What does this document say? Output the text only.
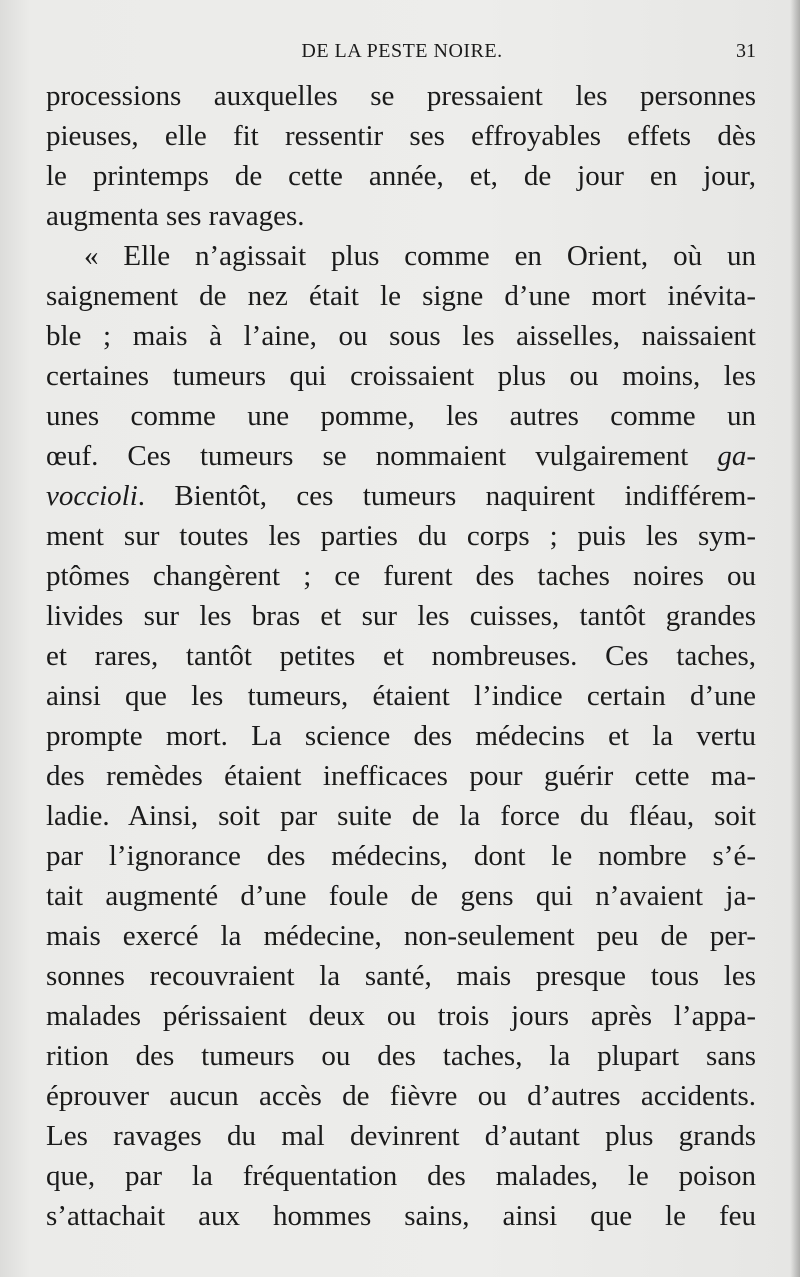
DE LA PESTE NOIRE.	31
processions auxquelles se pressaient les personnes
pieuses, elle fit ressentir ses effroyables effets dès
le printemps de cette année, et, de jour en jour,
augmenta ses ravages.
« Elle n’agissait plus comme en Orient, où un
saignement de nez était le signe d’une mort inévita-
ble ; mais à l’aine, ou sous les aisselles, naissaient
certaines tumeurs qui croissaient plus ou moins, les
unes comme une pomme, les autres comme un
œuf. Ces tumeurs se nommaient vulgairement ga-
voccioli. Bientôt, ces tumeurs naquirent indifférem-
ment sur toutes les parties du corps ; puis les sym-
ptômes changèrent ; ce furent des taches noires ou
livides sur les bras et sur les cuisses, tantôt grandes
et rares, tantôt petites et nombreuses. Ces taches,
ainsi que les tumeurs, étaient l’indice certain d’une
prompte mort. La science des médecins et la vertu
des remèdes étaient inefficaces pour guérir cette ma-
ladie. Ainsi, soit par suite de la force du fléau, soit
par l’ignorance des médecins, dont le nombre s’é-
tait augmenté d’une foule de gens qui n’avaient ja-
mais exercé la médecine, non-seulement peu de per-
sonnes recouvraient la santé, mais presque tous les
malades périssaient deux ou trois jours après l’appa-
rition des tumeurs ou des taches, la plupart sans
éprouver aucun accès de fièvre ou d’autres accidents.
Les ravages du mal devinrent d’autant plus grands
que, par la fréquentation des malades, le poison
s’attachait aux hommes sains, ainsi que le feu
